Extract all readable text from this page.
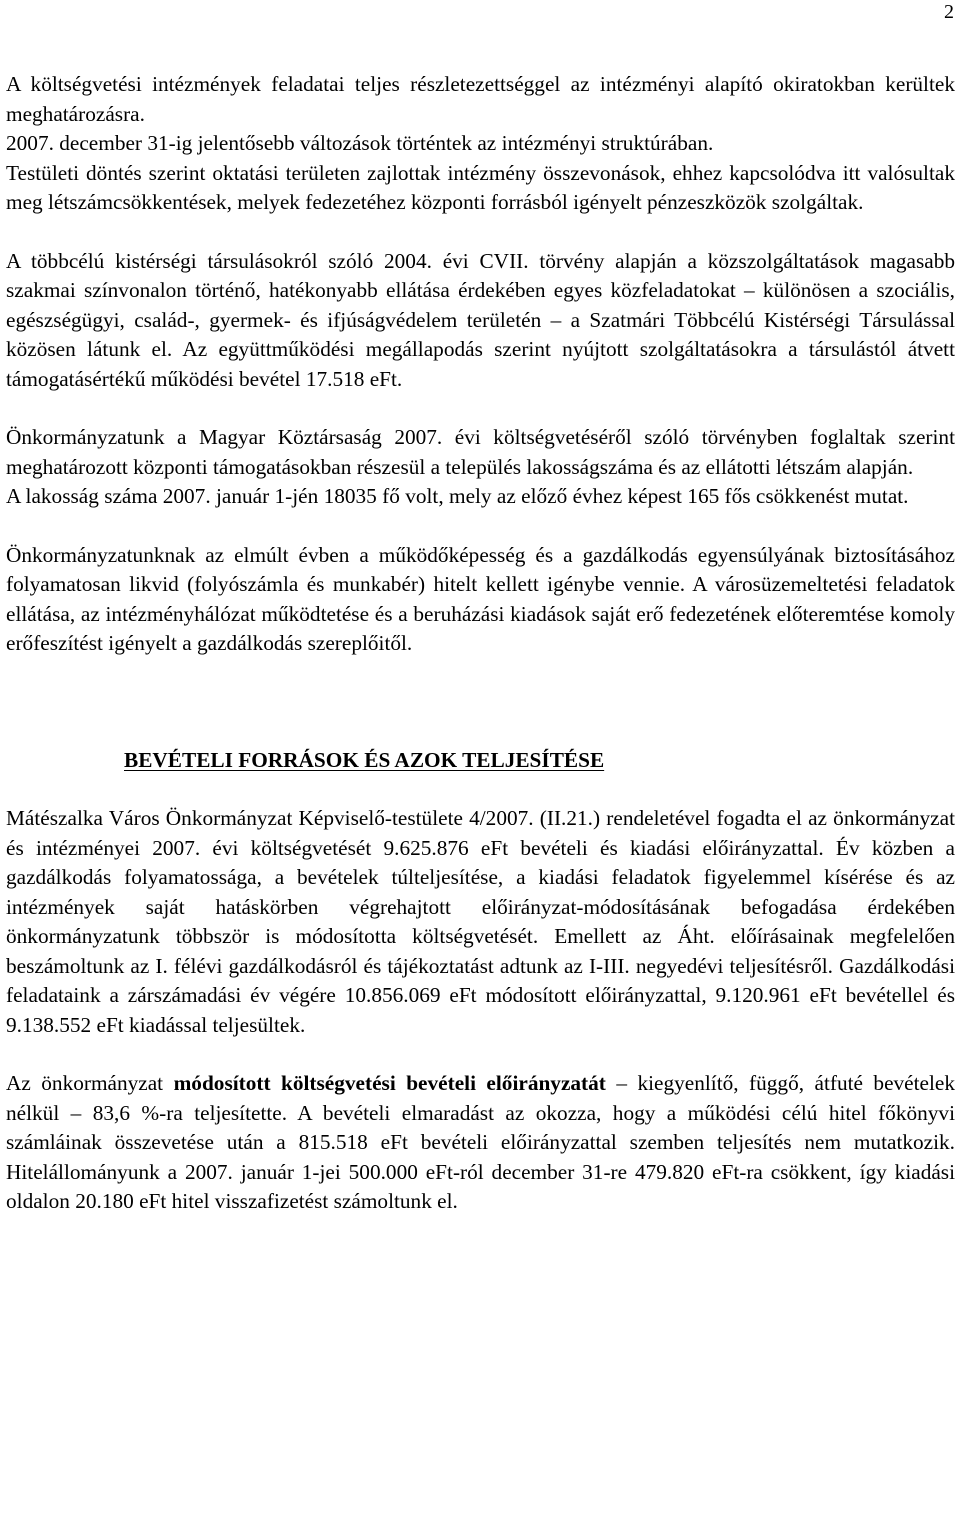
2

A költségvetési intézmények feladatai teljes részletezettséggel az intézményi alapító okiratokban kerültek meghatározásra.

2007. december 31-ig jelentősebb változások történtek az intézményi struktúrában.

Testületi döntés szerint oktatási területen zajlottak intézmény összevonások, ehhez kapcsolódva itt valósultak meg létszámcsökkentések, melyek fedezetéhez központi forrásból igényelt pénzeszközök szolgáltak.

A többcélú kistérségi társulásokról szóló 2004. évi CVII. törvény alapján a közszolgáltatások magasabb szakmai színvonalon történő, hatékonyabb ellátása érdekében egyes közfeladatokat – különösen a szociális, egészségügyi, család-, gyermek- és ifjúságvédelem területén – a Szatmári Többcélú Kistérségi Társulással közösen látunk el. Az együttműködési megállapodás szerint nyújtott szolgáltatásokra a társulástól átvett támogatásértékű működési bevétel 17.518 eFt.

Önkormányzatunk a Magyar Köztársaság 2007. évi költségvetéséről szóló törvényben foglaltak szerint meghatározott központi támogatásokban részesül a település lakosságszáma és az ellátotti létszám alapján.

A lakosság száma 2007. január 1-jén 18035 fő volt, mely az előző évhez képest 165 fős csökkenést mutat.

Önkormányzatunknak az elmúlt évben a működőképesség és a gazdálkodás egyensúlyának biztosításához folyamatosan likvid (folyószámla és munkabér) hitelt kellett igénybe vennie. A városüzemeltetési feladatok ellátása, az intézményhálózat működtetése és a beruházási kiadások saját erő fedezetének előteremtése komoly erőfeszítést igényelt a gazdálkodás szereplőitől.

BEVÉTELI FORRÁSOK ÉS AZOK TELJESÍTÉSE

Mátészalka Város Önkormányzat Képviselő-testülete 4/2007. (II.21.) rendeletével fogadta el az önkormányzat és intézményei 2007. évi költségvetését 9.625.876 eFt bevételi és kiadási előirányzattal. Év közben a gazdálkodás folyamatossága, a bevételek túlteljesítése, a kiadási feladatok figyelemmel kísérése és az intézmények saját hatáskörben végrehajtott előirányzat-módosításának befogadása érdekében önkormányzatunk többször is módosította költségvetését. Emellett az Áht. előírásainak megfelelően beszámoltunk az I. félévi gazdálkodásról és tájékoztatást adtunk az I-III. negyedévi teljesítésről. Gazdálkodási feladataink a zárszámadási év végére 10.856.069 eFt módosított előirányzattal, 9.120.961 eFt bevétellel és 9.138.552 eFt kiadással teljesültek.

Az önkormányzat módosított költségvetési bevételi előirányzatát – kiegyenlítő, függő, átfuté bevételek nélkül – 83,6 %-ra teljesítette. A bevételi elmaradást az okozza, hogy a működési célú hitel főkönyvi számláinak összevetése után a 815.518 eFt bevételi előirányzattal szemben teljesítés nem mutatkozik. Hitelállományunk a 2007. január 1-jei 500.000 eFt-ról december 31-re 479.820 eFt-ra csökkent, így kiadási oldalon 20.180 eFt hitel visszafizetést számoltunk el.
